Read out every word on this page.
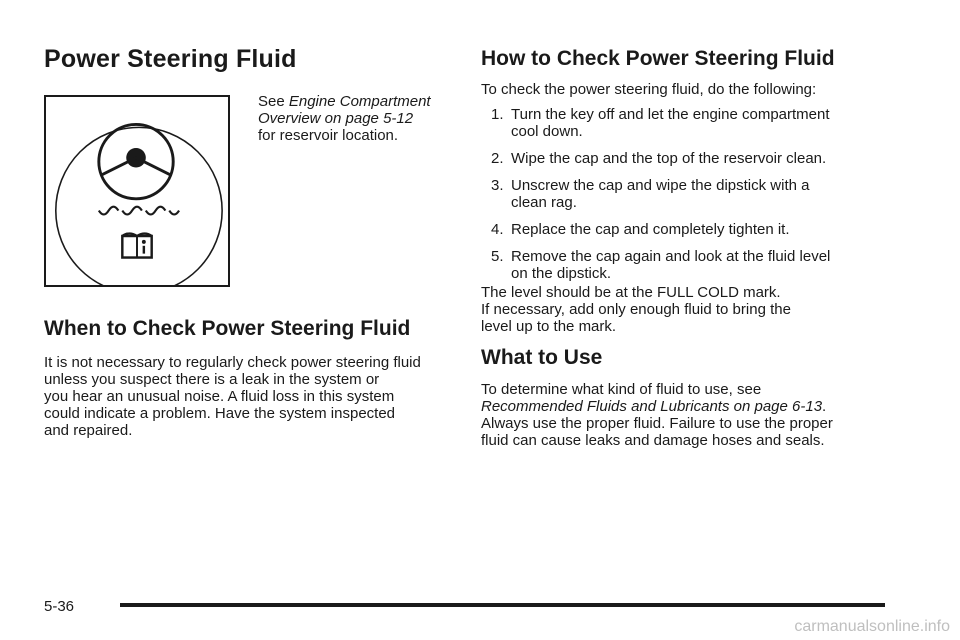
Power Steering Fluid

See Engine Compartment

Overview on page 5-12

for reservoir location.

When to Check Power Steering Fluid

It is not necessary to regularly check power steering fluid

unless you suspect there is a leak in the system or

you hear an unusual noise. A fluid loss in this system

could indicate a problem. Have the system inspected

and repaired.

How to Check Power Steering Fluid

To check the power steering fluid, do the following:

1. Turn the key off and let the engine compartment
cool down.
2. Wipe the cap and the top of the reservoir clean.
3. Unscrew the cap and wipe the dipstick with a
clean rag.
4. Replace the cap and completely tighten it.
5. Remove the cap again and look at the fluid level
on the dipstick.

The level should be at the FULL COLD mark.

If necessary, add only enough fluid to bring the

level up to the mark.

What to Use

To determine what kind of fluid to use, see

Recommended Fluids and Lubricants on page 6-13.

Always use the proper fluid. Failure to use the proper

fluid can cause leaks and damage hoses and seals.

5-36
carmanualsonline.info
